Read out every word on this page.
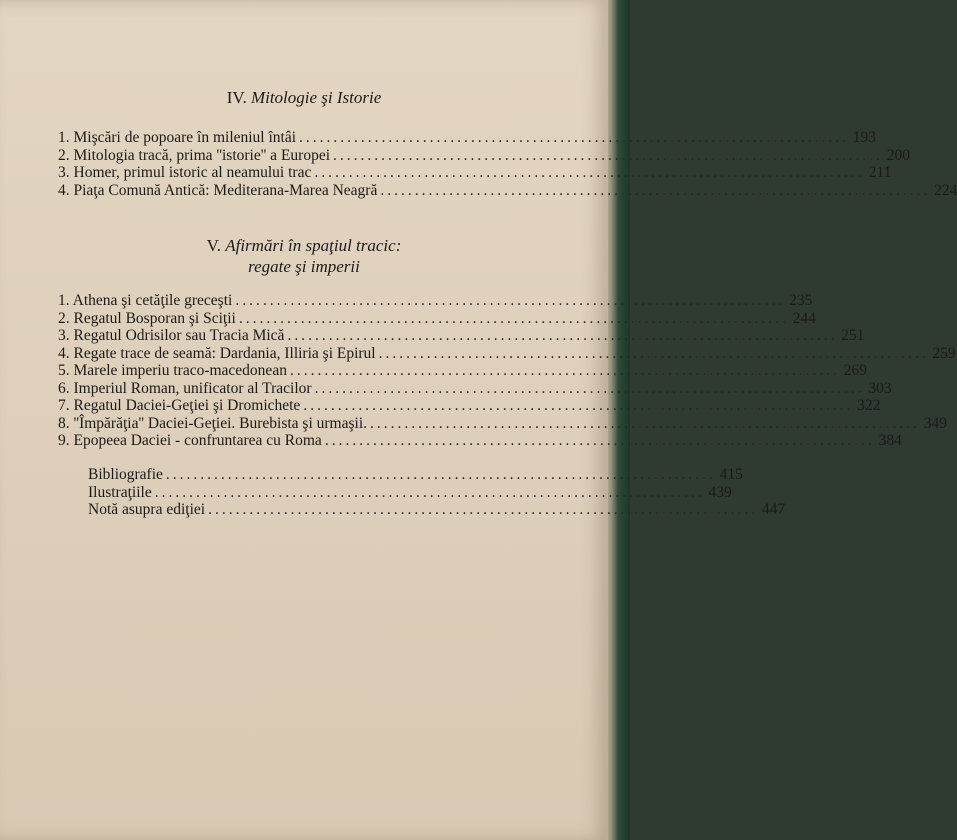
IV. Mitologie şi Istorie
1. Mişcări de popoare în mileniul întâi ................................................................................ 193
2. Mitologia tracă, prima ''istorie'' a Europei ................................................................................ 200
3. Homer, primul istoric al neamului trac ................................................................................ 211
4. Piaţa Comună Antică: Mediterana-Marea Neagră ................................................................................ 224
V. Afirmări în spaţiul tracic:
regate şi imperii
1. Athena şi cetăţile greceşti ................................................................................ 235
2. Regatul Bosporan şi Sciţii ................................................................................ 244
3. Regatul Odrisilor sau Tracia Mică ................................................................................ 251
4. Regate trace de seamă: Dardania, Illiria şi Epirul ................................................................................ 259
5. Marele imperiu traco-macedonean ................................................................................ 269
6. Imperiul Roman, unificator al Tracilor ................................................................................ 303
7. Regatul Daciei-Geţiei şi Dromichete ................................................................................ 322
8. ''Împărăţia'' Daciei-Geţiei. Burebista şi urmaşii. ................................................................................ 349
9. Epopeea Daciei - confruntarea cu Roma ................................................................................ 384
Bibliografie ................................................................................ 415
Ilustraţiile ................................................................................ 439
Notă asupra ediţiei ................................................................................ 447
